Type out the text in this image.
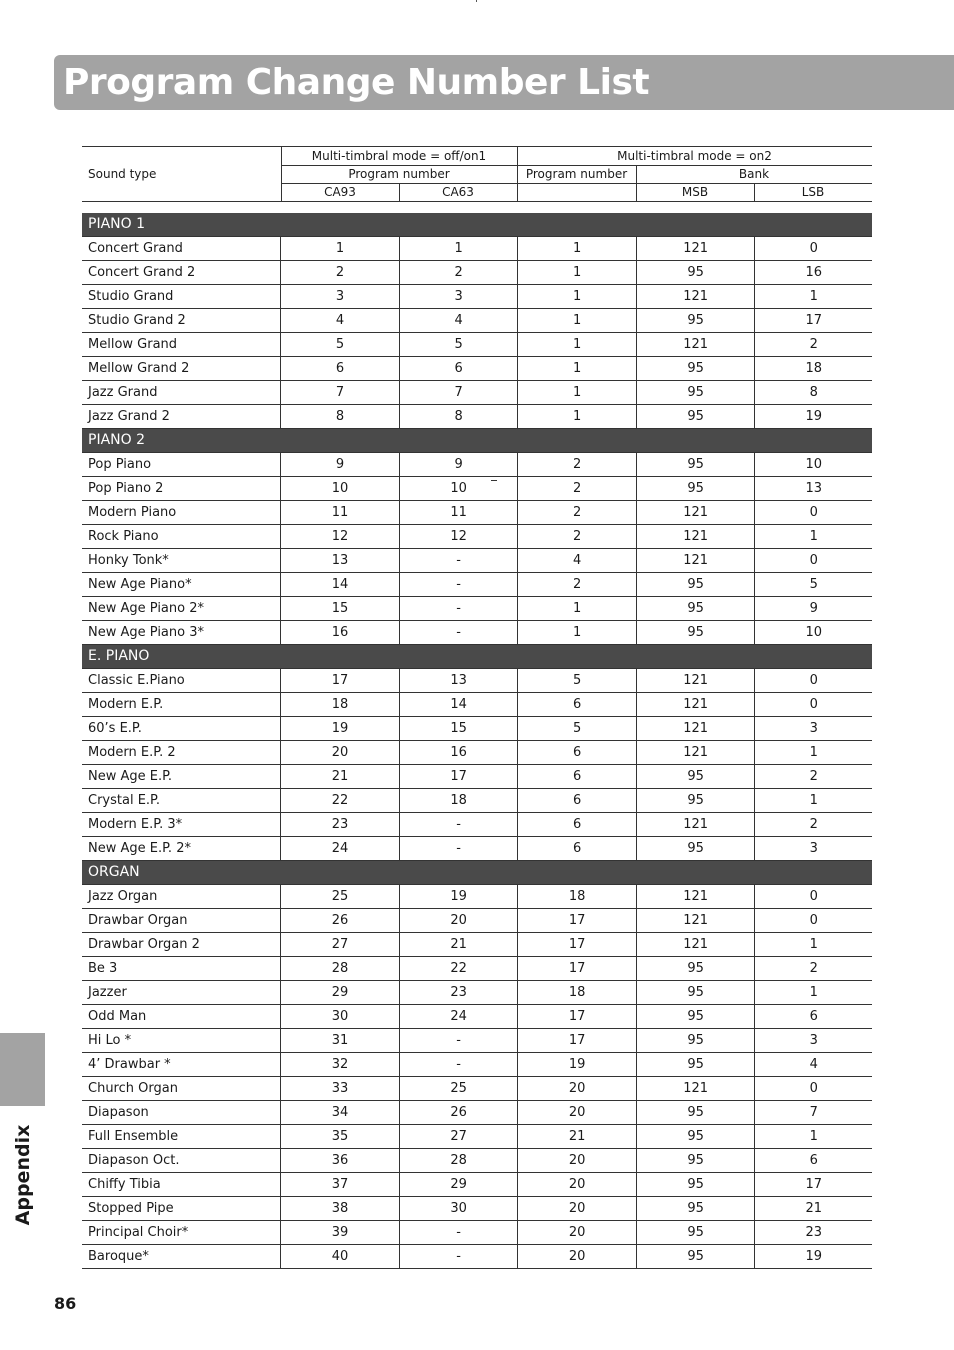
Program Change Number List
Sound type
Multi-timbral mode = off/on1	Multi-timbral mode = on2
Program number	Program number	Bank
CA93	CA63	MSB	LSB
PIANO 1
Concert Grand	1	1	1	121	0
Concert Grand 2	2	2	1	95	16
Studio Grand	3	3	1	121	1
Studio Grand 2	4	4	1	95	17
Mellow Grand	5	5	1	121	2
Mellow Grand 2	6	6	1	95	18
Jazz Grand	7	7	1	95	8
Jazz Grand 2	8	8	1	95	19
PIANO 2
Pop Piano	9	9	2	95	10
Pop Piano 2	10	10	2	95	13
Modern Piano	11	11	2	121	0
Rock Piano	12	12	2	121	1
Honky Tonk*	13	-	4	121	0
New Age Piano*	14	-	2	95	5
New Age Piano 2*	15	-	1	95	9
New Age Piano 3*	16	-	1	95	10
E. PIANO
Classic E.Piano	17	13	5	121	0
Modern E.P.	18	14	6	121	0
60’s E.P.	19	15	5	121	3
Modern E.P. 2	20	16	6	121	1
New Age E.P.	21	17	6	95	2
Crystal E.P.	22	18	6	95	1
Modern E.P. 3*	23	-	6	121	2
New Age E.P. 2*	24	-	6	95	3
ORGAN
Jazz Organ	25	19	18	121	0
Drawbar Organ	26	20	17	121	0
Drawbar Organ 2	27	21	17	121	1
Be 3	28	22	17	95	2
Jazzer	29	23	18	95	1
Odd Man	30	24	17	95	6
Hi Lo *	31	-	17	95	3
4’ Drawbar *	32	-	19	95	4
Church Organ	33	25	20	121	0
Diapason	34	26	20	95	7
Full Ensemble	35	27	21	95	1
Diapason Oct.	36	28	20	95	6
Chiffy Tibia	37	29	20	95	17
Stopped Pipe	38	30	20	95	21
Principal Choir*	39	-	20	95	23
Baroque*	40	-	20	95	19
Appendix
86
